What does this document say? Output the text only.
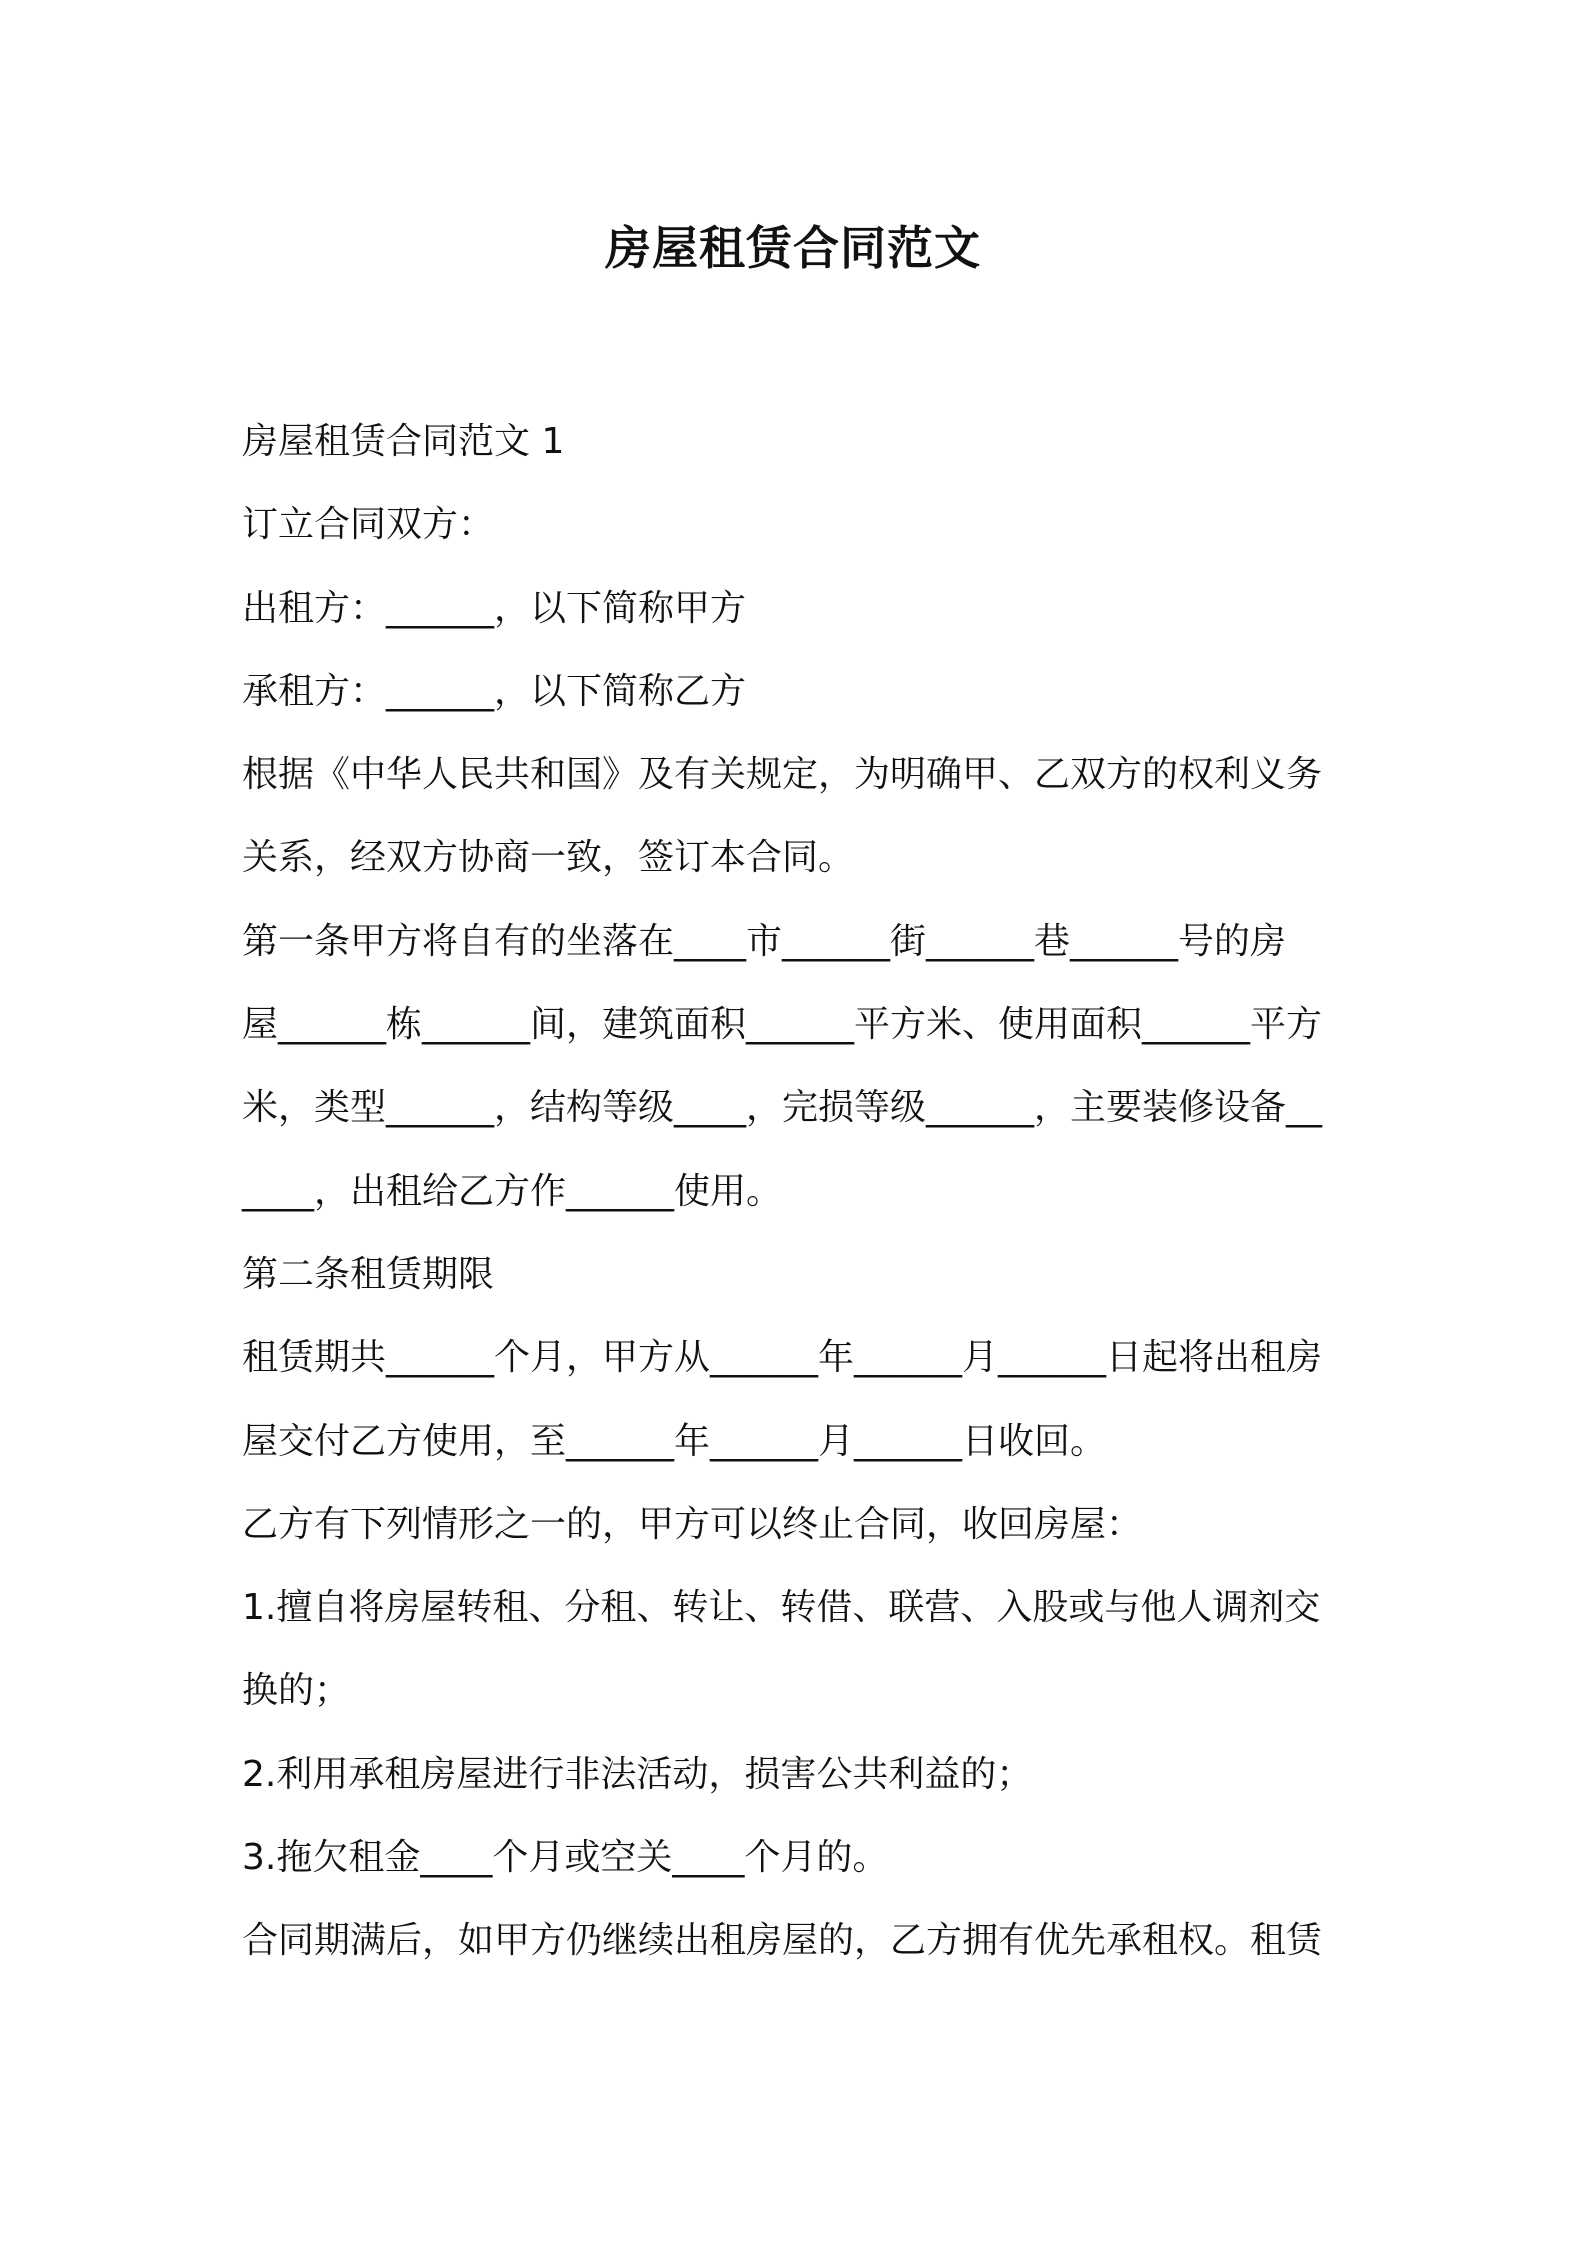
房屋租赁合同范文
房屋租赁合同范文 1
订立合同双方：
出租方：______，以下简称甲方
承租方：______，以下简称乙方
根据《中华人民共和国》及有关规定，为明确甲、乙双方的权利义务
关系，经双方协商一致，签订本合同。
第一条甲方将自有的坐落在____市______街______巷______号的房
屋______栋______间，建筑面积______平方米、使用面积______平方
米，类型______，结构等级____，完损等级______，主要装修设备__
____，出租给乙方作______使用。
第二条租赁期限
租赁期共______个月，甲方从______年______月______日起将出租房
屋交付乙方使用，至______年______月______日收回。
乙方有下列情形之一的，甲方可以终止合同，收回房屋：
1.擅自将房屋转租、分租、转让、转借、联营、入股或与他人调剂交
换的；
2.利用承租房屋进行非法活动，损害公共利益的；
3.拖欠租金____个月或空关____个月的。
合同期满后，如甲方仍继续出租房屋的，乙方拥有优先承租权。租赁
